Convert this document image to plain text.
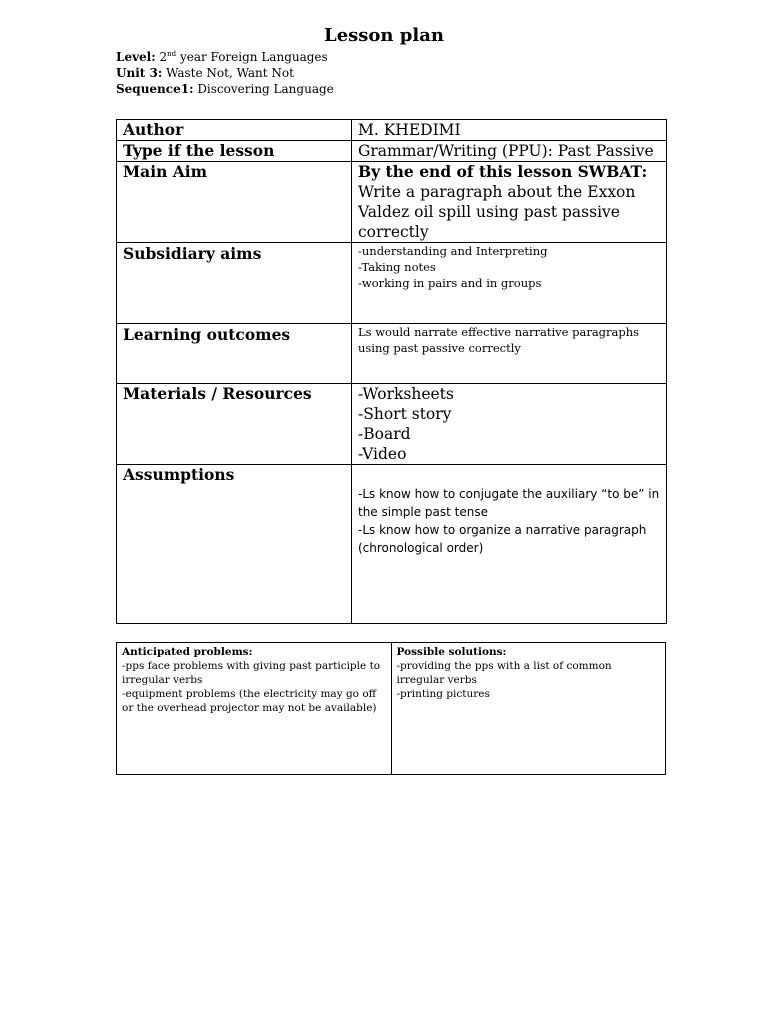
Lesson plan
Level: 2nd year Foreign Languages
Unit 3: Waste Not, Want Not
Sequence1: Discovering Language
Author	M. KHEDIMI
Type if the lesson	Grammar/Writing (PPU): Past Passive
Main Aim	By the end of this lesson SWBAT:
Write a paragraph about the Exxon Valdez oil spill using past passive correctly

Subsidiary aims	-understanding and Interpreting
-Taking notes
-working in pairs and in groups

Learning outcomes	Ls would narrate effective narrative paragraphs using past passive correctly
Materials / Resources	-Worksheets
-Short story
-Board
-Video

Assumptions	-Ls know how to conjugate the auxiliary “to be” in the simple past tense
-Ls know how to organize a narrative paragraph (chronological order)
Anticipated problems:
-pps face problems with giving past participle to irregular verbs
-equipment problems (the electricity may go off or the overhead projector may not be available)

Possible solutions:
-providing the pps with a list of common irregular verbs
-printing pictures
